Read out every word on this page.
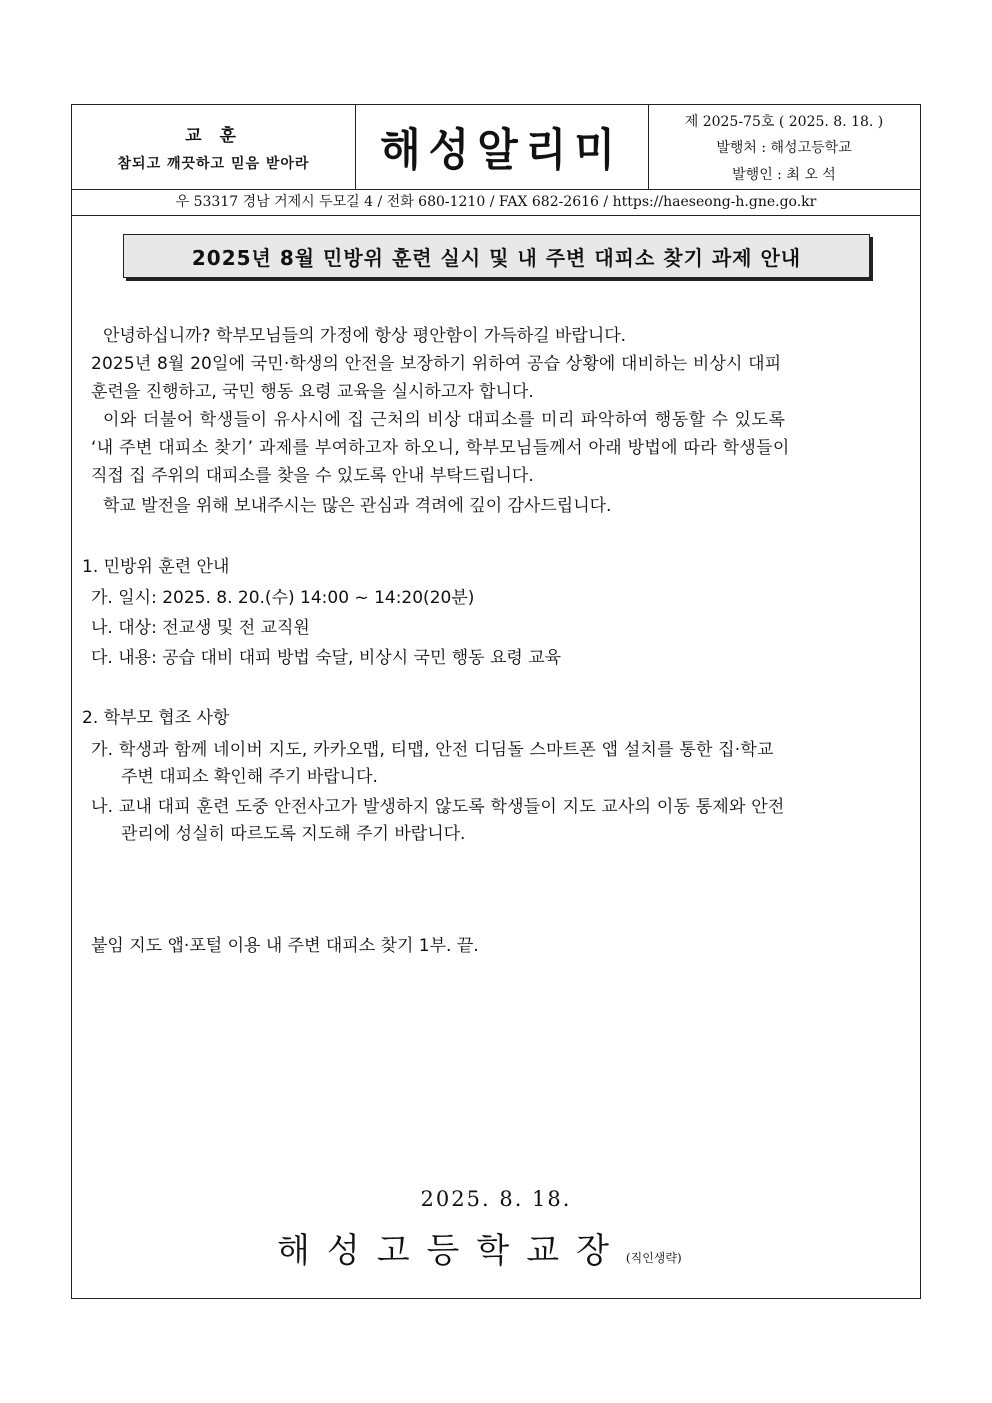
교 훈
참되고 깨끗하고 믿음 받아라	해성알리미
제 2025-75호 ( 2025. 8. 18. )
발행처 : 해성고등학교
발행인 : 최 오 석
우 53317 경남 거제시 두모길 4 / 전화 680-1210 / FAX 682-2616 / https://haeseong-h.gne.go.kr
2025년 8월 민방위 훈련 실시 및 내 주변 대피소 찾기 과제 안내
안녕하십니까? 학부모님들의 가정에 항상 평안함이 가득하길 바랍니다.
2025년 8월 20일에 국민·학생의 안전을 보장하기 위하여 공습 상황에 대비하는 비상시 대피
훈련을 진행하고, 국민 행동 요령 교육을 실시하고자 합니다.
이와 더불어 학생들이 유사시에 집 근처의 비상 대피소를 미리 파악하여 행동할 수 있도록
‘내 주변 대피소 찾기’ 과제를 부여하고자 하오니, 학부모님들께서 아래 방법에 따라 학생들이
직접 집 주위의 대피소를 찾을 수 있도록 안내 부탁드립니다.
학교 발전을 위해 보내주시는 많은 관심과 격려에 깊이 감사드립니다.
1. 민방위 훈련 안내
가. 일시: 2025. 8. 20.(수) 14:00 ~ 14:20(20분)
나. 대상: 전교생 및 전 교직원
다. 내용: 공습 대비 대피 방법 숙달, 비상시 국민 행동 요령 교육
2. 학부모 협조 사항
가. 학생과 함께 네이버 지도, 카카오맵, 티맵, 안전 디딤돌 스마트폰 앱 설치를 통한 집·학교
주변 대피소 확인해 주기 바랍니다.
나. 교내 대피 훈련 도중 안전사고가 발생하지 않도록 학생들이 지도 교사의 이동 통제와 안전
관리에 성실히 따르도록 지도해 주기 바랍니다.
붙임 지도 앱·포털 이용 내 주변 대피소 찾기 1부. 끝.
2025. 8. 18.
해성고등학교장(직인생략)
